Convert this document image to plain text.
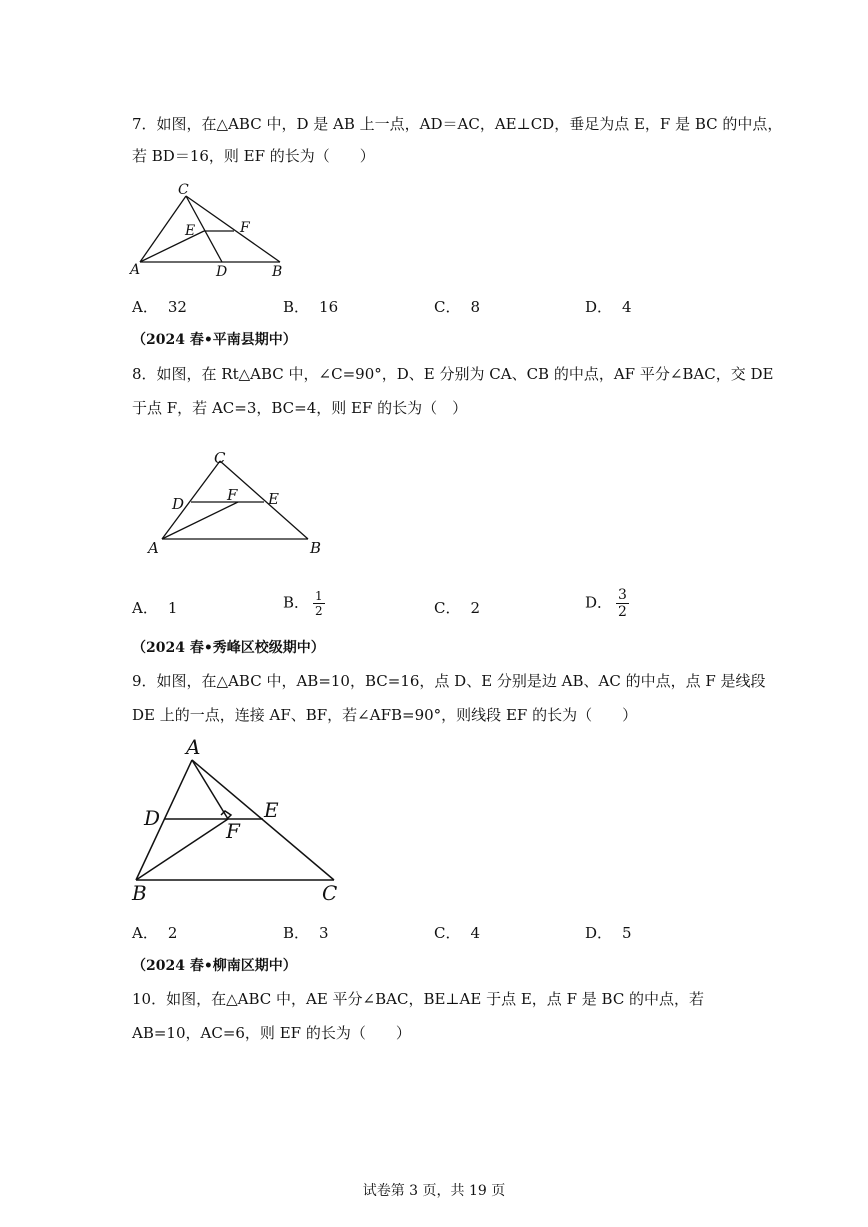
7．如图，在△ABC 中，D 是 AB 上一点，AD＝AC，AE⊥CD，垂足为点 E，F 是 BC 的中点，
若 BD＝16，则 EF 的长为（　　）
C
E	F
A	D	B
A． 32	B． 16	C． 8	D． 4
（2024 春•平南县期中）
8．如图，在 Rt△ABC 中，∠C=90°，D、E 分别为 CA、CB 的中点，AF 平分∠BAC，交 DE
于点 F，若 AC=3，BC=4，则 EF 的长为（　）
C
D	F E
A	B
A． 1	B． $\frac{1}{2}$	C． 2	D． $\frac{3}{2}$
（2024 春•秀峰区校级期中）
9．如图，在△ABC 中，AB=10，BC=16，点 D、E 分别是边 AB、AC 的中点，点 F 是线段
DE 上的一点，连接 AF、BF，若∠AFB=90°，则线段 EF 的长为（　　）
A
D	E
F
B	C
A． 2	B． 3	C． 4	D． 5
（2024 春•柳南区期中）
10．如图，在△ABC 中，AE 平分∠BAC，BE⊥AE 于点 E，点 F 是 BC 的中点，若
AB=10，AC=6，则 EF 的长为（　　）
试卷第 3 页，共 19 页
